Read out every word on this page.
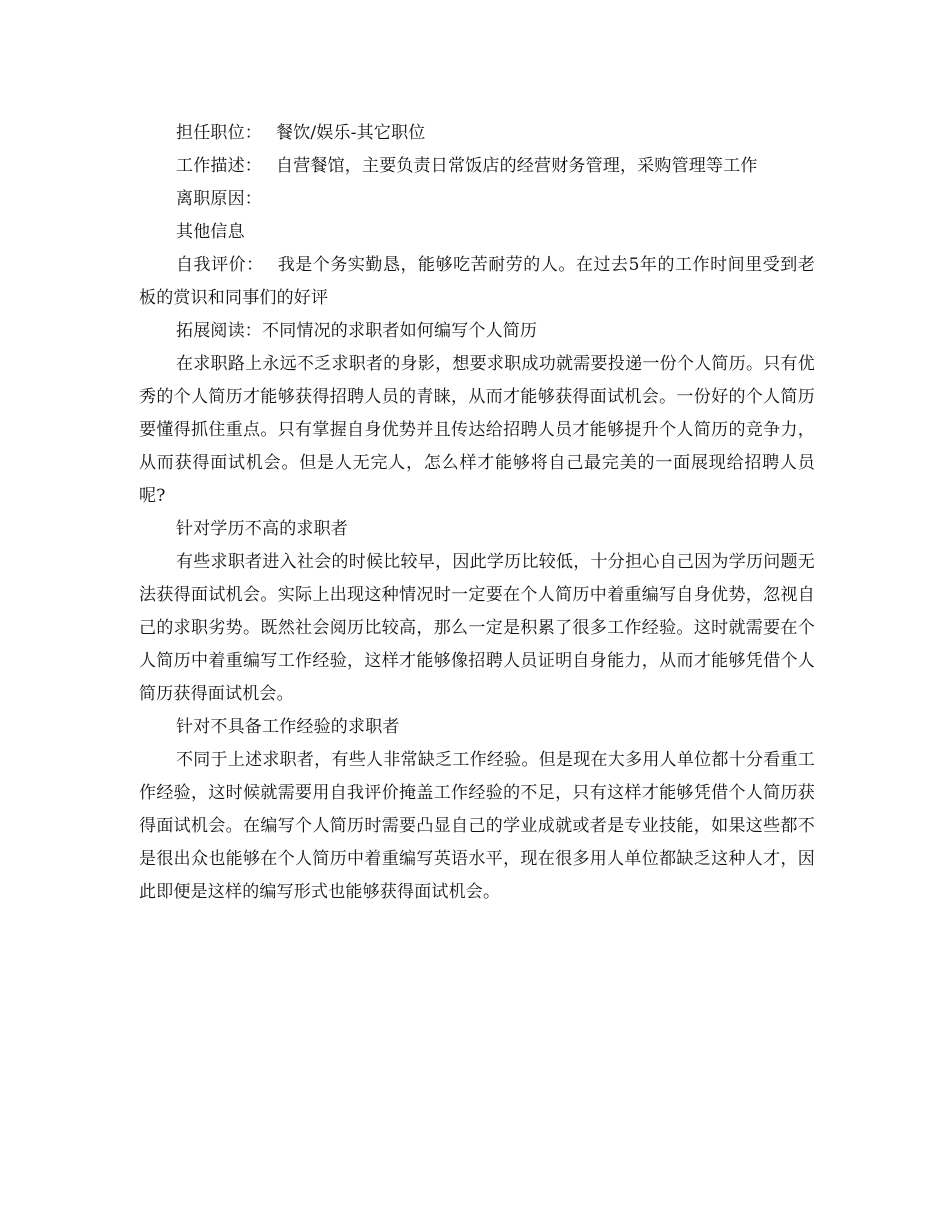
担任职位： 餐饮/娱乐-其它职位

工作描述： 自营餐馆，主要负责日常饭店的经营财务管理，采购管理等工作

离职原因：

其他信息

自我评价： 我是个务实勤恳，能够吃苦耐劳的人。在过去5年的工作时间里受到老板的赏识和同事们的好评

拓展阅读：不同情况的求职者如何编写个人简历

在求职路上永远不乏求职者的身影，想要求职成功就需要投递一份个人简历。只有优秀的个人简历才能够获得招聘人员的青睐，从而才能够获得面试机会。一份好的个人简历要懂得抓住重点。只有掌握自身优势并且传达给招聘人员才能够提升个人简历的竞争力，从而获得面试机会。但是人无完人，怎么样才能够将自己最完美的一面展现给招聘人员呢?

针对学历不高的求职者

有些求职者进入社会的时候比较早，因此学历比较低，十分担心自己因为学历问题无法获得面试机会。实际上出现这种情况时一定要在个人简历中着重编写自身优势，忽视自己的求职劣势。既然社会阅历比较高，那么一定是积累了很多工作经验。这时就需要在个人简历中着重编写工作经验，这样才能够像招聘人员证明自身能力，从而才能够凭借个人简历获得面试机会。

针对不具备工作经验的求职者

不同于上述求职者，有些人非常缺乏工作经验。但是现在大多用人单位都十分看重工作经验，这时候就需要用自我评价掩盖工作经验的不足，只有这样才能够凭借个人简历获得面试机会。在编写个人简历时需要凸显自己的学业成就或者是专业技能，如果这些都不是很出众也能够在个人简历中着重编写英语水平，现在很多用人单位都缺乏这种人才，因此即便是这样的编写形式也能够获得面试机会。
